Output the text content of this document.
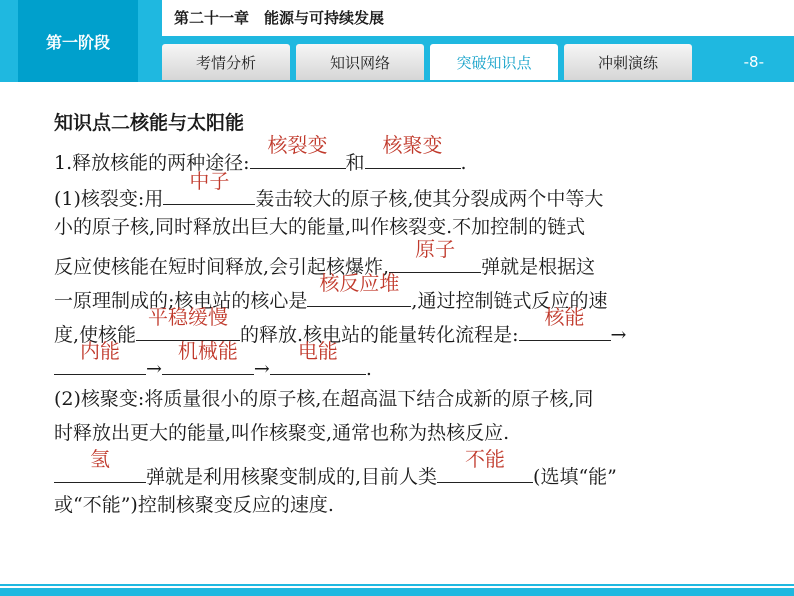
第一阶段
第二十一章　能源与可持续发展
考情分析	知识网络	突破知识点	冲刺演练	-8-
知识点二核能与太阳能
1.释放核能的两种途径:
核裂变
和
核聚变
.
(1)核裂变:用
中子
轰击较大的原子核,使其分裂成两个中等大
小的原子核,同时释放出巨大的能量,叫作核裂变.不加控制的链式
反应使核能在短时间释放,会引起核爆炸,
原子
弹就是根据这
一原理制成的;核电站的核心是
核反应堆
,通过控制链式反应的速
度,使核能
平稳缓慢
的释放.核电站的能量转化流程是:
核能
→
内能
→
机械能
→
电能
.
(2)核聚变:将质量很小的原子核,在超高温下结合成新的原子核,同
时释放出更大的能量,叫作核聚变,通常也称为热核反应.
氢
弹就是利用核聚变制成的,目前人类
不能
(选填“能”
或“不能”)控制核聚变反应的速度.
